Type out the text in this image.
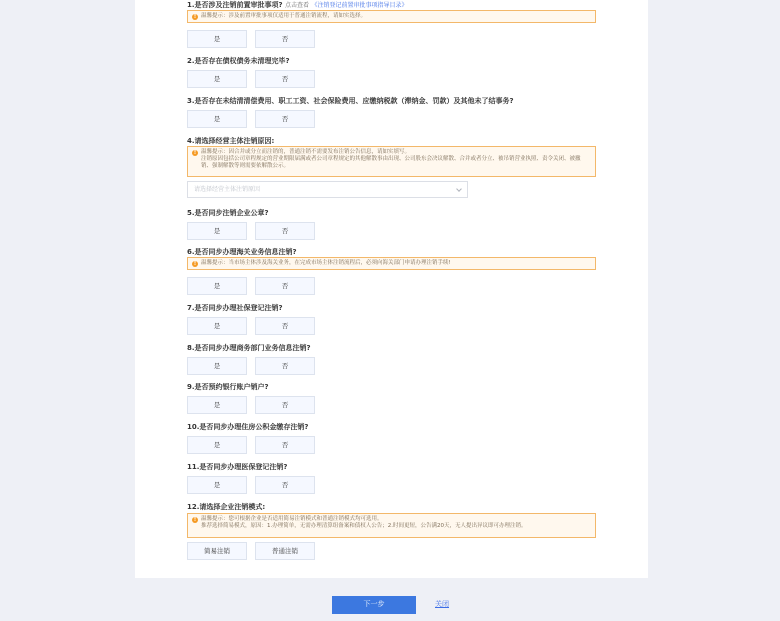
1.是否涉及注销前置审批事项? 点击查看 《注销登记前置审批事项指导目录》
! 温馨提示：涉及前置审批事项仅适用于普通注销流程，请如实选择。

是	否
2.是否存在债权债务未清理完毕?
是	否
3.是否存在未结清清偿费用、职工工资、社会保险费用、应缴纳税款（滞纳金、罚款）及其他未了结事务?
是	否
4.请选择经营主体注销原因:
! 温馨提示：因合并或分立而注销的，普通注销不需要发布注销公告信息，请如实填写。

注销原因包括公司章程规定的营业期限届满或者公司章程规定的其他解散事由出现、公司股东会决议解散、合并或者分立、被吊销营业执照、责令关闭、被撤

销、强制解散等则需要依解散公示。

请选择经营主体注销原因
5.是否同步注销企业公章?
是	否
6.是否同步办理海关业务信息注销?
! 温馨提示：当市场主体涉及海关业务，在完成市场主体注销流程后，必须向海关部门申请办理注销手续!

是	否
7.是否同步办理社保登记注销?
是	否
8.是否同步办理商务部门业务信息注销?
是	否
9.是否预约银行账户销户?
是	否
10.是否同步办理住房公积金缴存注销?
是	否
11.是否同步办理医保登记注销?
是	否
12.请选择企业注销模式:
! 温馨提示：您可根据企业是否适用简易注销模式和普通注销模式均可选用。

推荐选择简易模式，原因：1.办理简单，无需办理清算组备案和债权人公告；2.时间更短，公告满20天，无人提出异议即可办理注销。

简易注销	普通注销
下一步	关闭
